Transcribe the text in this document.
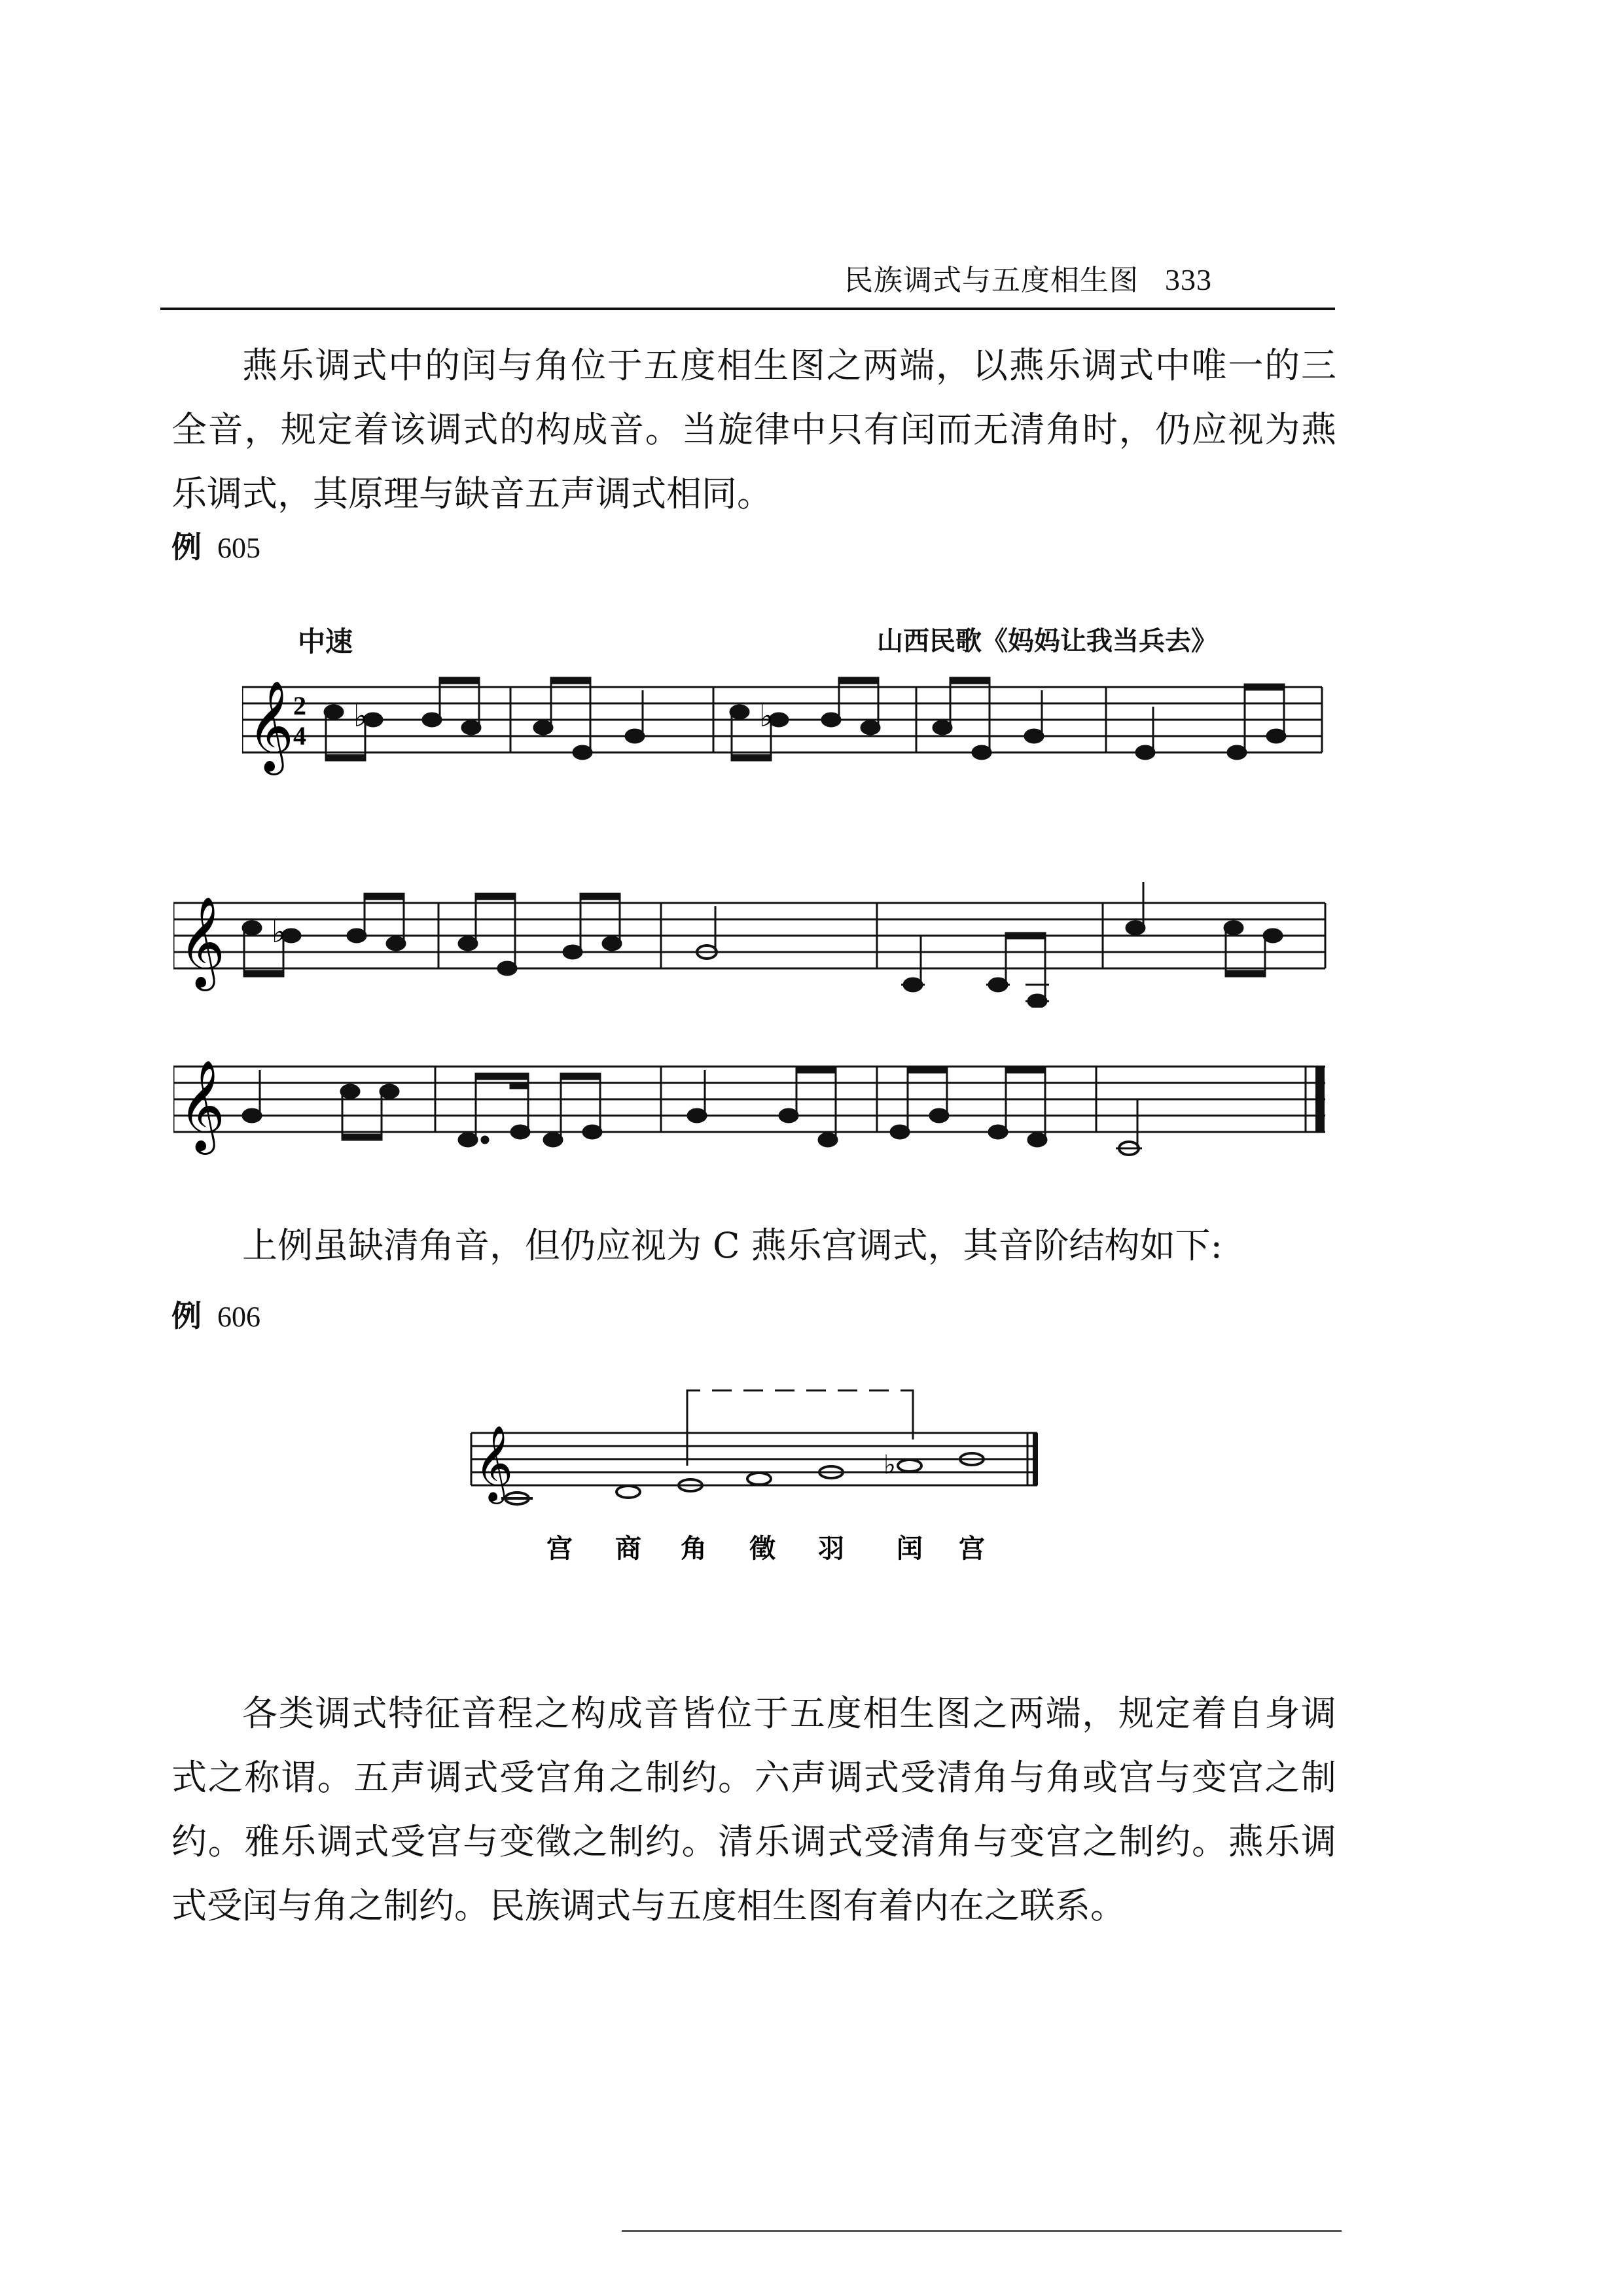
民族调式与五度相生图 333

燕乐调式中的闰与角位于五度相生图之两端，以燕乐调式中唯一的三全音，规定着该调式的构成音。当旋律中只有闰而无清角时，仍应视为燕乐调式，其原理与缺音五声调式相同。

例 605
中速	山西民歌《妈妈让我当兵去》
𝄞 2
4
♭	♭
𝄞 ♭
𝄞

上例虽缺清角音，但仍应视为 C 燕乐宫调式，其音阶结构如下:

例 606
𝄞	♭
宫 商 角 徵 羽 闰 宫

各类调式特征音程之构成音皆位于五度相生图之两端，规定着自身调式之称谓。五声调式受宫角之制约。六声调式受清角与角或宫与变宫之制约。雅乐调式受宫与变徵之制约。清乐调式受清角与变宫之制约。燕乐调式受闰与角之制约。民族调式与五度相生图有着内在之联系。
